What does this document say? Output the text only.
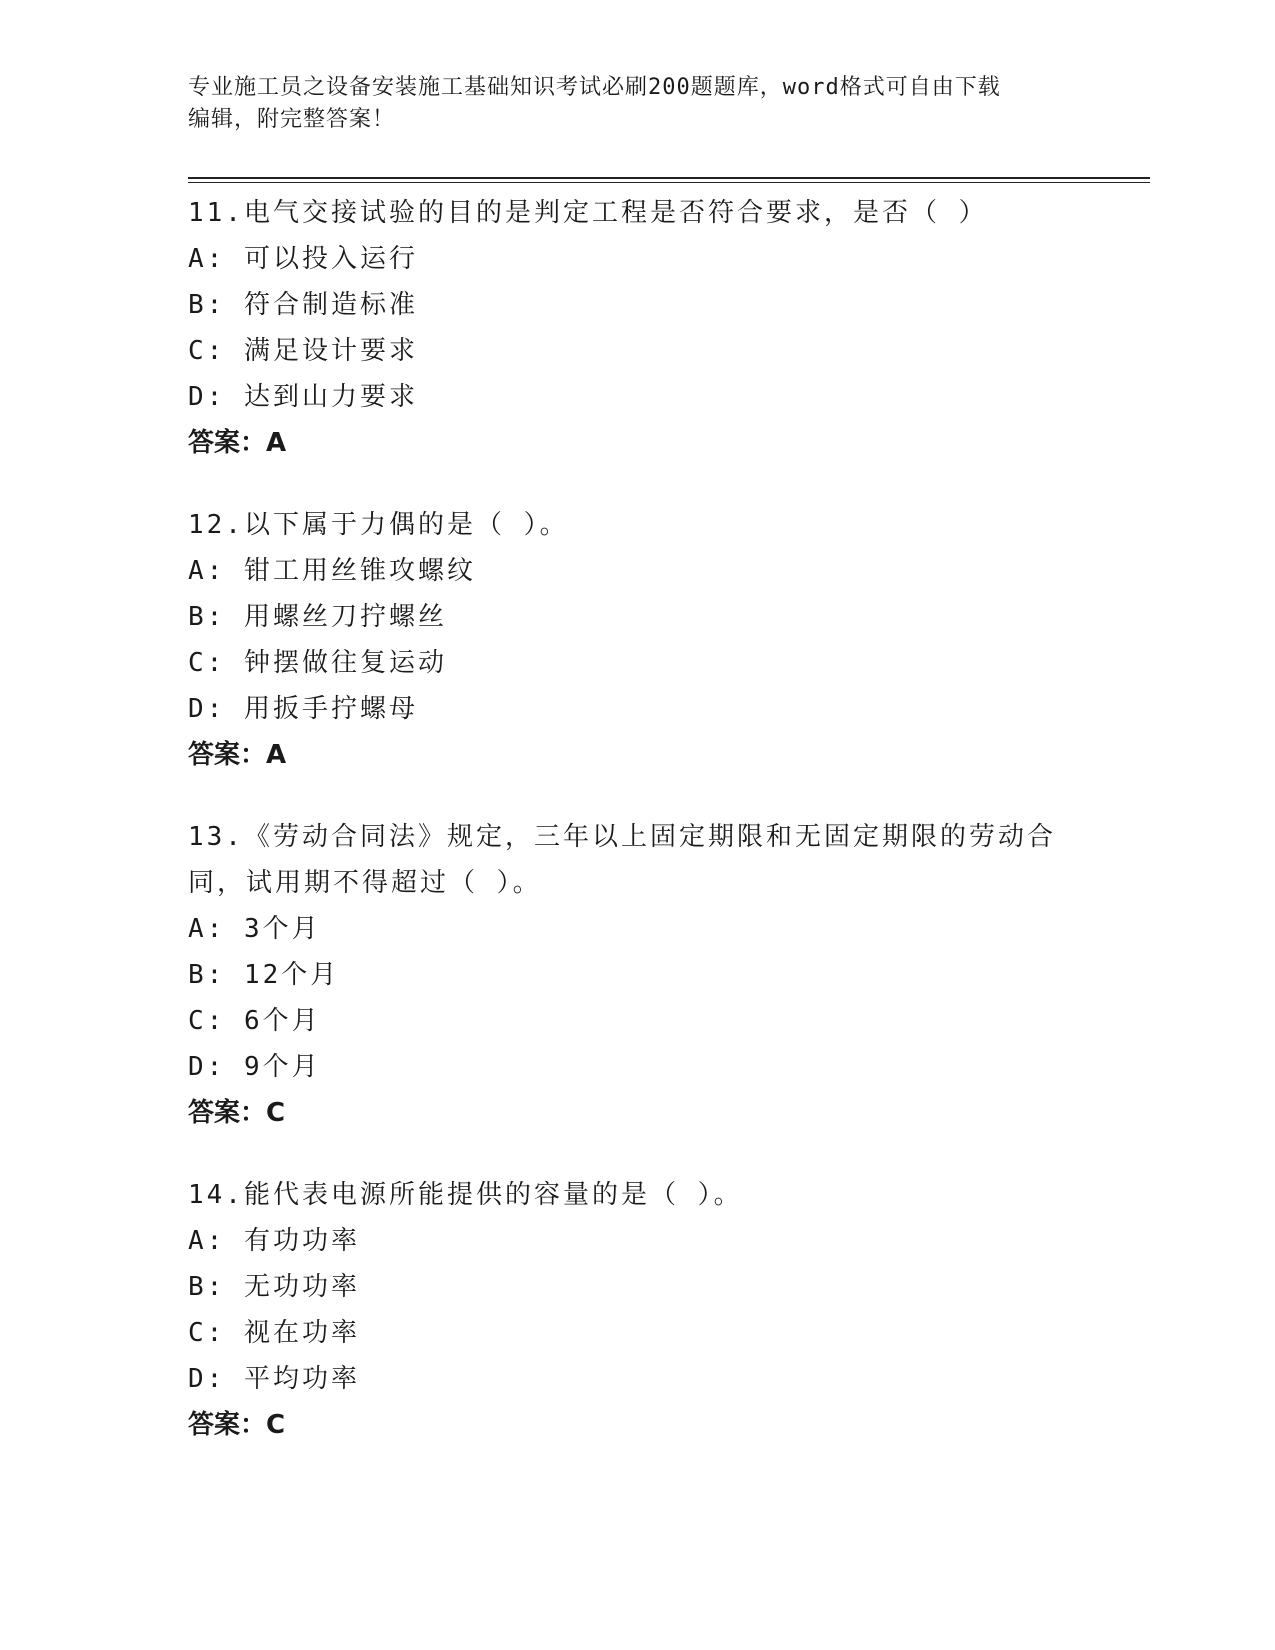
专业施工员之设备安装施工基础知识考试必刷200题题库，word格式可自由下载
编辑，附完整答案！
11.电气交接试验的目的是判定工程是否符合要求，是否（ ）
A: 可以投入运行
B: 符合制造标准
C: 满足设计要求
D: 达到山力要求
答案：A
12.以下属于力偶的是（ ）。
A: 钳工用丝锥攻螺纹
B: 用螺丝刀拧螺丝
C: 钟摆做往复运动
D: 用扳手拧螺母
答案：A
13.《劳动合同法》规定，三年以上固定期限和无固定期限的劳动合同，试用期不得超过（ ）。
A: 3个月
B: 12个月
C: 6个月
D: 9个月
答案：C
14.能代表电源所能提供的容量的是（ ）。
A: 有功功率
B: 无功功率
C: 视在功率
D: 平均功率
答案：C
